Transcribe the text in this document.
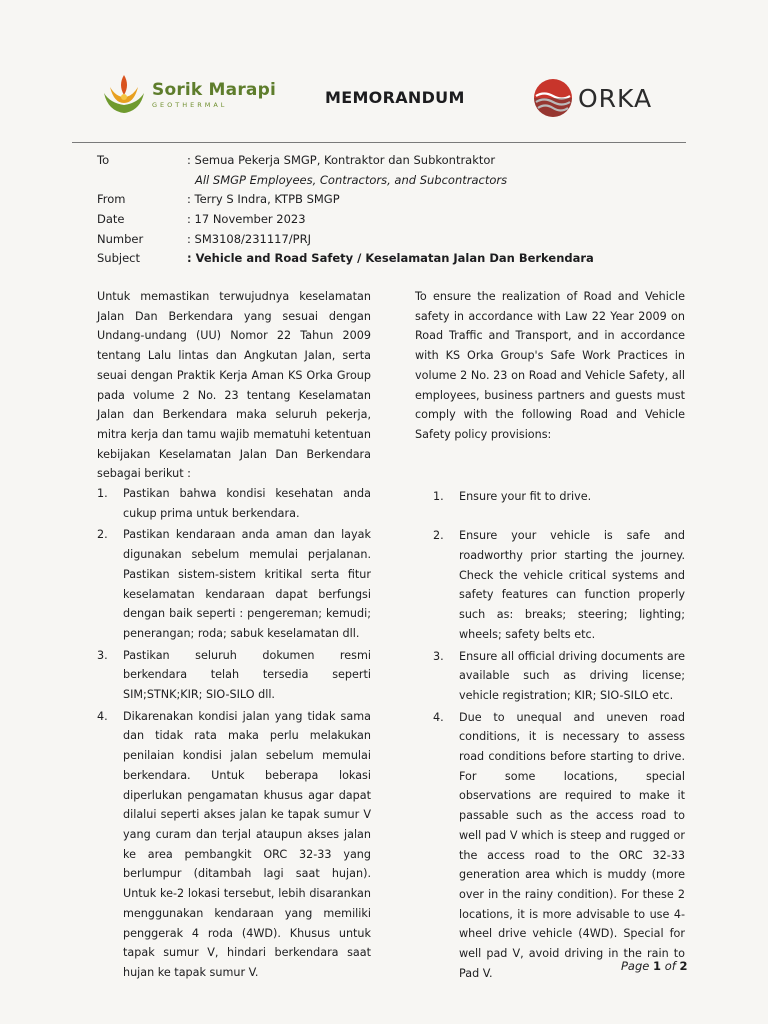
Sorik Marapi
GEOTHERMAL	MEMORANDUM	ORKA
To	: Semua Pekerja SMGP, Kontraktor dan Subkontraktor
All SMGP Employees, Contractors, and Subcontractors
From	: Terry S Indra, KTPB SMGP
Date	: 17 November 2023
Number	: SM3108/231117/PRJ
Subject	: Vehicle and Road Safety / Keselamatan Jalan Dan Berkendara

Untuk memastikan terwujudnya keselamatan Jalan Dan Berkendara yang sesuai dengan Undang-undang (UU) Nomor 22 Tahun 2009 tentang Lalu lintas dan Angkutan Jalan, serta seuai dengan Praktik Kerja Aman KS Orka Group pada volume 2 No. 23 tentang Keselamatan Jalan dan Berkendara maka seluruh pekerja, mitra kerja dan tamu wajib mematuhi ketentuan kebijakan Keselamatan Jalan Dan Berkendara sebagai berikut :

1. Pastikan bahwa kondisi kesehatan anda cukup prima untuk berkendara.
2. Pastikan kendaraan anda aman dan layak digunakan sebelum memulai perjalanan. Pastikan sistem-sistem kritikal serta fitur keselamatan kendaraan dapat berfungsi dengan baik seperti : pengereman; kemudi; penerangan; roda; sabuk keselamatan dll.
3. Pastikan seluruh dokumen resmi berkendara telah tersedia seperti SIM;STNK;KIR; SIO-SILO dll.
4. Dikarenakan kondisi jalan yang tidak sama dan tidak rata maka perlu melakukan penilaian kondisi jalan sebelum memulai berkendara. Untuk beberapa lokasi diperlukan pengamatan khusus agar dapat dilalui seperti akses jalan ke tapak sumur V yang curam dan terjal ataupun akses jalan ke area pembangkit ORC 32-33 yang berlumpur (ditambah lagi saat hujan). Untuk ke-2 lokasi tersebut, lebih disarankan menggunakan kendaraan yang memiliki penggerak 4 roda (4WD). Khusus untuk tapak sumur V, hindari berkendara saat hujan ke tapak sumur V.

To ensure the realization of Road and Vehicle safety in accordance with Law 22 Year 2009 on Road Traffic and Transport, and in accordance with KS Orka Group's Safe Work Practices in volume 2 No. 23 on Road and Vehicle Safety, all employees, business partners and guests must comply with the following Road and Vehicle Safety policy provisions:

1. Ensure your fit to drive.
2. Ensure your vehicle is safe and roadworthy prior starting the journey. Check the vehicle critical systems and safety features can function properly such as: breaks; steering; lighting; wheels; safety belts etc.
3. Ensure all official driving documents are available such as driving license; vehicle registration; KIR; SIO-SILO etc.
4. Due to unequal and uneven road conditions, it is necessary to assess road conditions before starting to drive. For some locations, special observations are required to make it passable such as the access road to well pad V which is steep and rugged or the access road to the ORC 32-33 generation area which is muddy (more over in the rainy condition). For these 2 locations, it is more advisable to use 4-wheel drive vehicle (4WD). Special for well pad V, avoid driving in the rain to Pad V.
Page 1 of 2
